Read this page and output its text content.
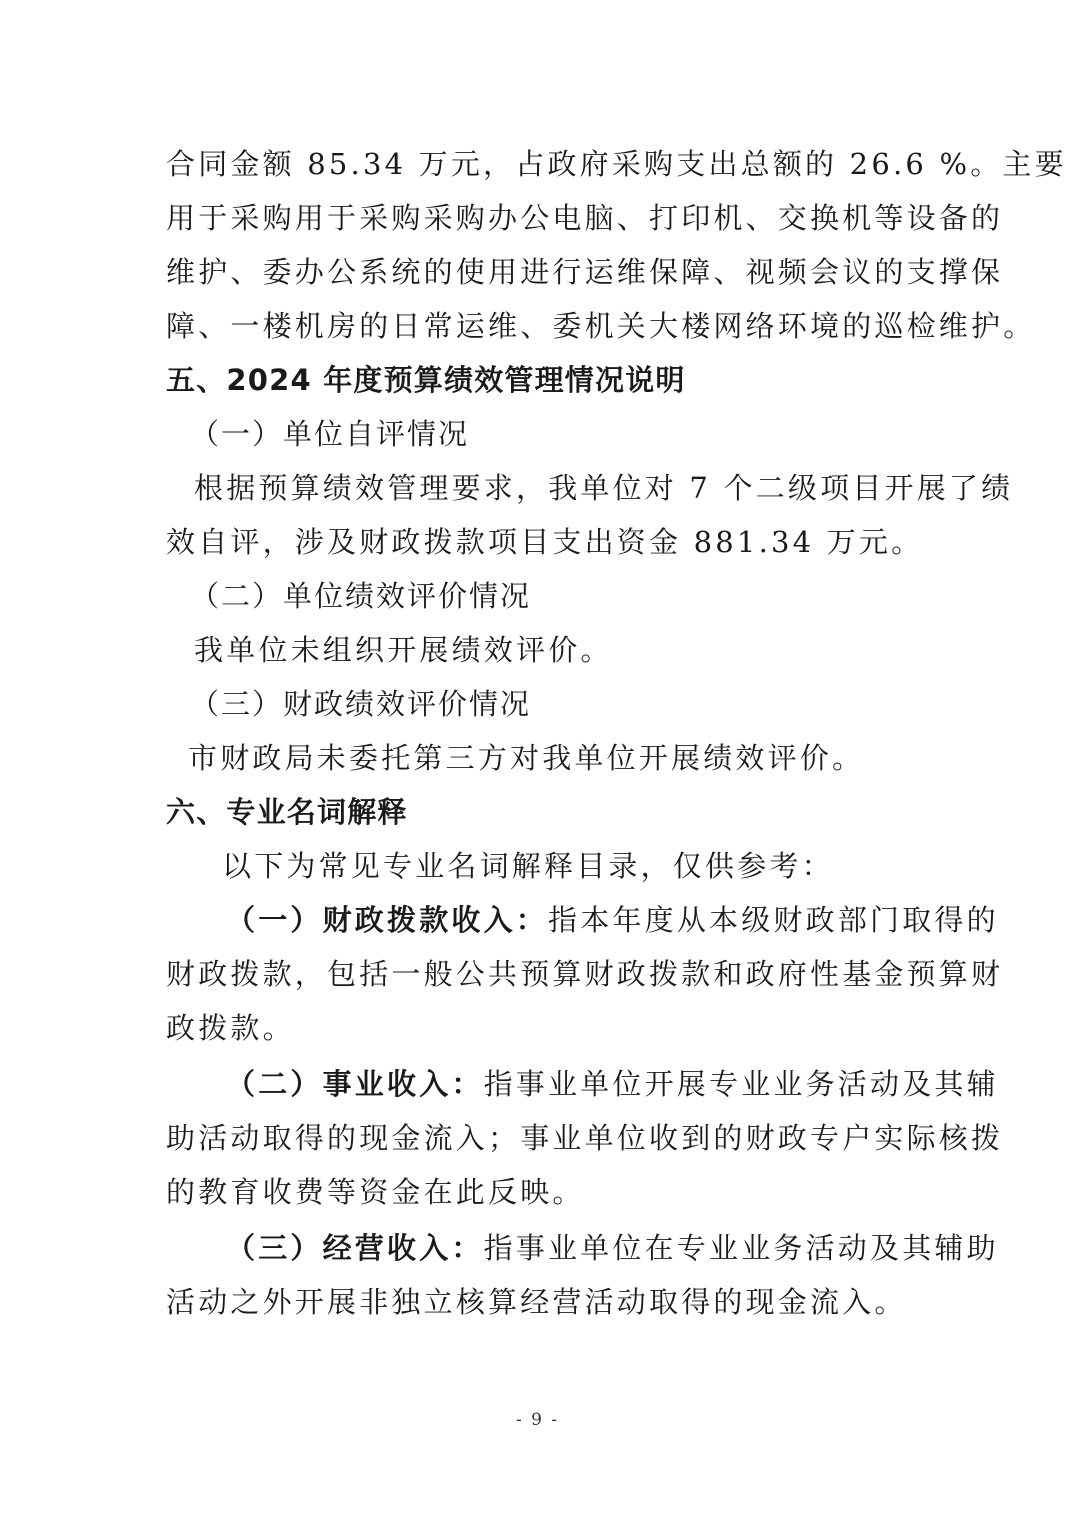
合同金额 85.34 万元，占政府采购支出总额的 26.6 %。主要
用于采购用于采购采购办公电脑、打印机、交换机等设备的
维护、委办公系统的使用进行运维保障、视频会议的支撑保
障、一楼机房的日常运维、委机关大楼网络环境的巡检维护。
五、2024 年度预算绩效管理情况说明
（一）单位自评情况
根据预算绩效管理要求，我单位对 7 个二级项目开展了绩
效自评，涉及财政拨款项目支出资金 881.34 万元。
（二）单位绩效评价情况
我单位未组织开展绩效评价。
（三）财政绩效评价情况
市财政局未委托第三方对我单位开展绩效评价。
六、专业名词解释
以下为常见专业名词解释目录，仅供参考：
（一）财政拨款收入：指本年度从本级财政部门取得的
财政拨款，包括一般公共预算财政拨款和政府性基金预算财
政拨款。
（二）事业收入：指事业单位开展专业业务活动及其辅
助活动取得的现金流入；事业单位收到的财政专户实际核拨
的教育收费等资金在此反映。
（三）经营收入：指事业单位在专业业务活动及其辅助
活动之外开展非独立核算经营活动取得的现金流入。
- 9 -
